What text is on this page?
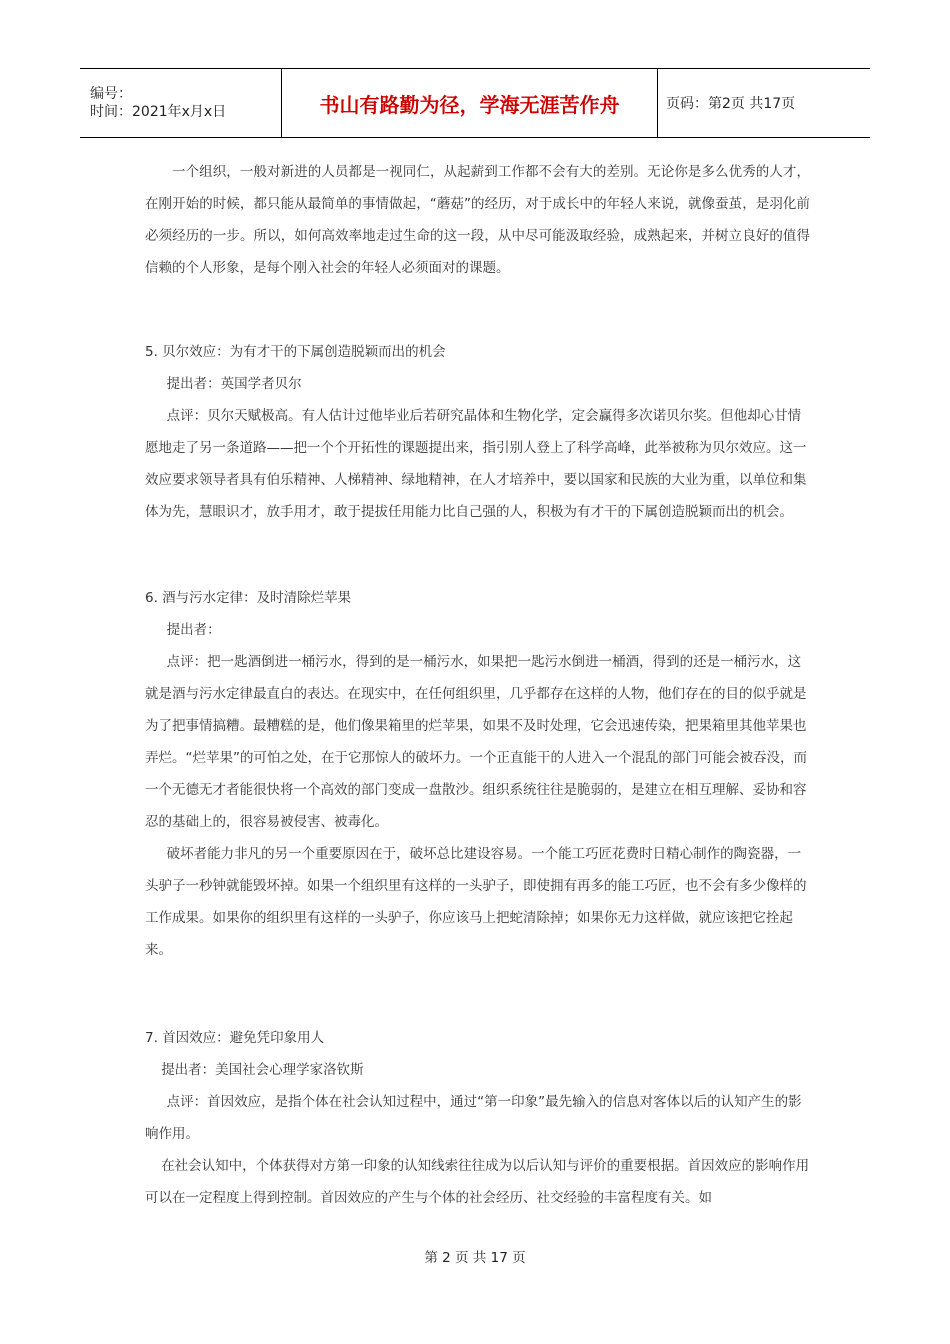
编号：
时间：2021年x月x日	书山有路勤为径，学海无涯苦作舟	页码：第2页 共17页

一个组织，一般对新进的人员都是一视同仁，从起薪到工作都不会有大的差别。无论你是多么优秀的人才，在刚开始的时候，都只能从最简单的事情做起，“蘑菇”的经历，对于成长中的年轻人来说，就像蚕茧，是羽化前必须经历的一步。所以，如何高效率地走过生命的这一段，从中尽可能汲取经验，成熟起来，并树立良好的值得信赖的个人形象，是每个刚入社会的年轻人必须面对的课题。

5. 贝尔效应：为有才干的下属创造脱颖而出的机会

提出者：英国学者贝尔

点评：贝尔天赋极高。有人估计过他毕业后若研究晶体和生物化学，定会赢得多次诺贝尔奖。但他却心甘情愿地走了另一条道路——把一个个开拓性的课题提出来，指引别人登上了科学高峰，此举被称为贝尔效应。这一效应要求领导者具有伯乐精神、人梯精神、绿地精神，在人才培养中，要以国家和民族的大业为重，以单位和集体为先，慧眼识才，放手用才，敢于提拔任用能力比自己强的人，积极为有才干的下属创造脱颖而出的机会。

6. 酒与污水定律：及时清除烂苹果

提出者：

点评：把一匙酒倒进一桶污水，得到的是一桶污水，如果把一匙污水倒进一桶酒，得到的还是一桶污水，这就是酒与污水定律最直白的表达。在现实中，在任何组织里，几乎都存在这样的人物，他们存在的目的似乎就是为了把事情搞糟。最糟糕的是，他们像果箱里的烂苹果，如果不及时处理，它会迅速传染，把果箱里其他苹果也弄烂。“烂苹果”的可怕之处，在于它那惊人的破坏力。一个正直能干的人进入一个混乱的部门可能会被吞没，而一个无德无才者能很快将一个高效的部门变成一盘散沙。组织系统往往是脆弱的，是建立在相互理解、妥协和容忍的基础上的，很容易被侵害、被毒化。

破坏者能力非凡的另一个重要原因在于，破坏总比建设容易。一个能工巧匠花费时日精心制作的陶瓷器，一头驴子一秒钟就能毁坏掉。如果一个组织里有这样的一头驴子，即使拥有再多的能工巧匠，也不会有多少像样的工作成果。如果你的组织里有这样的一头驴子，你应该马上把蛇清除掉；如果你无力这样做，就应该把它拴起来。

7. 首因效应：避免凭印象用人

提出者：美国社会心理学家洛钦斯

点评：首因效应，是指个体在社会认知过程中，通过“第一印象”最先输入的信息对客体以后的认知产生的影响作用。

在社会认知中，个体获得对方第一印象的认知线索往往成为以后认知与评价的重要根据。首因效应的影响作用可以在一定程度上得到控制。首因效应的产生与个体的社会经历、社交经验的丰富程度有关。如

第 2 页 共 17 页
